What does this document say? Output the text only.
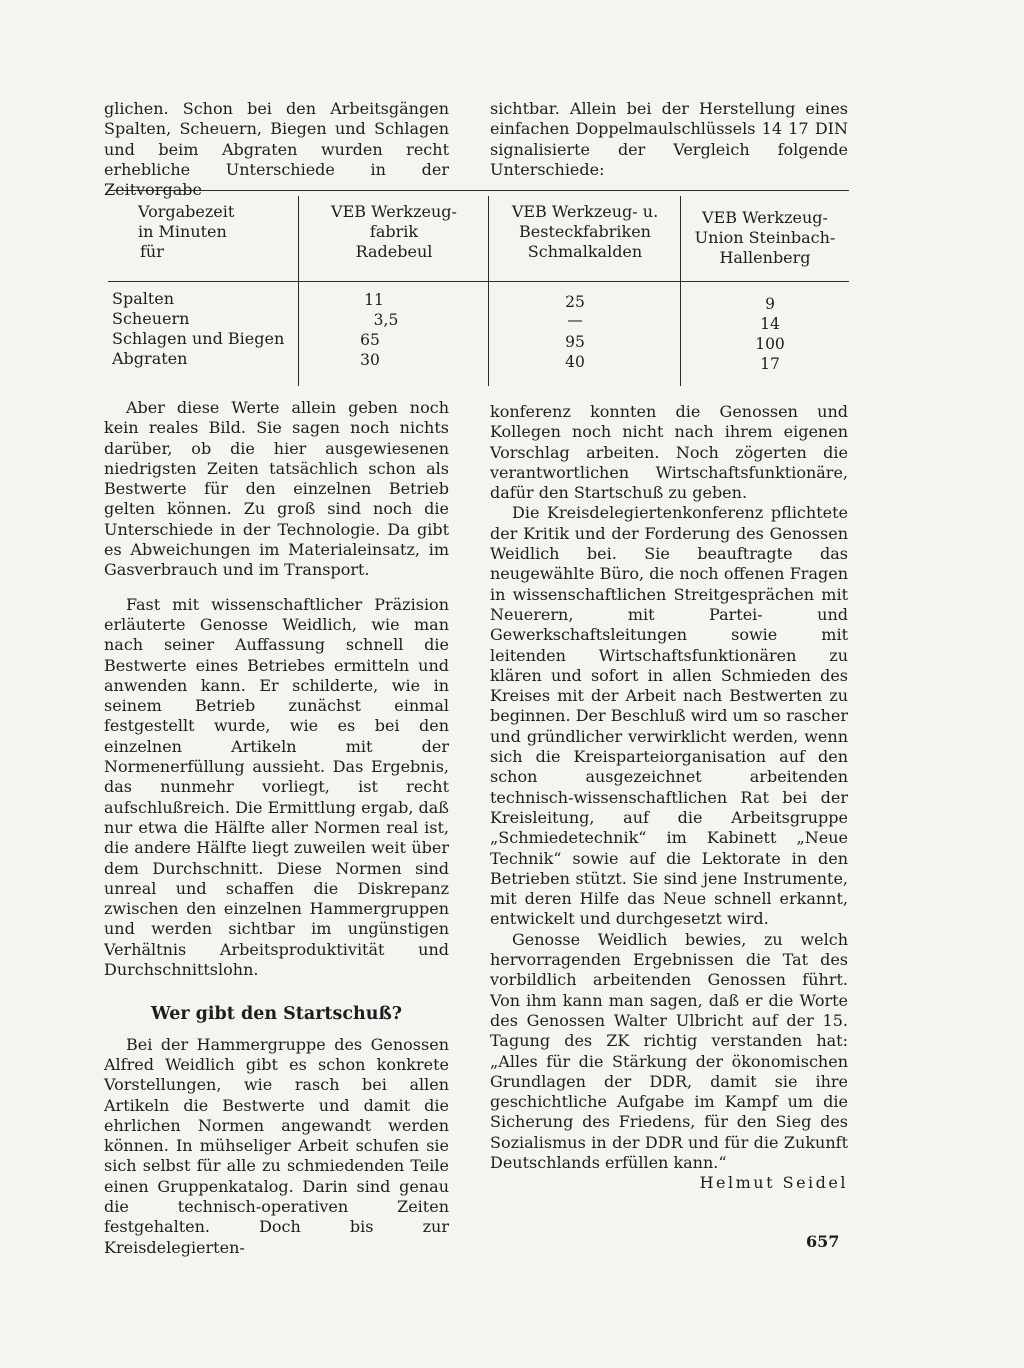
glichen. Schon bei den Arbeitsgängen Spalten, Scheuern, Biegen und Schlagen und beim Abgraten wurden recht erhebliche Unterschiede in der Zeitvorgabe

sichtbar. Allein bei der Herstellung eines einfachen Doppelmaulschlüssels 14 17 DIN signalisierte der Vergleich folgende Unterschiede:

Vorgabezeit
in Minuten
für
VEB Werkzeug-
fabrik
Radebeul
VEB Werkzeug- u.
Besteckfabriken
Schmalkalden
VEB Werkzeug-
Union Steinbach-
Hallenberg
Spalten
Scheuern
Schlagen und Biegen
Abgraten
11
3,5
65
30
25
—
95
40
9
14
100
17

Aber diese Werte allein geben noch kein reales Bild. Sie sagen noch nichts darüber, ob die hier ausgewiesenen niedrigsten Zeiten tatsächlich schon als Bestwerte für den einzelnen Betrieb gelten können. Zu groß sind noch die Unterschiede in der Technologie. Da gibt es Abweichungen im Materialeinsatz, im Gasverbrauch und im Transport.

Fast mit wissenschaftlicher Präzision erläuterte Genosse Weidlich, wie man nach seiner Auffassung schnell die Bestwerte eines Betriebes ermitteln und anwenden kann. Er schilderte, wie in seinem Betrieb zunächst einmal festgestellt wurde, wie es bei den einzelnen Artikeln mit der Normenerfüllung aussieht. Das Ergebnis, das nunmehr vorliegt, ist recht aufschlußreich. Die Ermittlung ergab, daß nur etwa die Hälfte aller Normen real ist, die andere Hälfte liegt zuweilen weit über dem Durchschnitt. Diese Normen sind unreal und schaffen die Diskrepanz zwischen den einzelnen Hammergruppen und werden sichtbar im ungünstigen Verhältnis Arbeitsproduktivität und Durchschnittslohn.

Wer gibt den Startschuß?

Bei der Hammergruppe des Genossen Alfred Weidlich gibt es schon konkrete Vorstellungen, wie rasch bei allen Artikeln die Bestwerte und damit die ehrlichen Normen angewandt werden können. In mühseliger Arbeit schufen sie sich selbst für alle zu schmiedenden Teile einen Gruppenkatalog. Darin sind genau die technisch-operativen Zeiten festgehalten. Doch bis zur Kreisdelegierten-

konferenz konnten die Genossen und Kollegen noch nicht nach ihrem eigenen Vorschlag arbeiten. Noch zögerten die verantwortlichen Wirtschaftsfunktionäre, dafür den Startschuß zu geben.

Die Kreisdelegiertenkonferenz pflichtete der Kritik und der Forderung des Genossen Weidlich bei. Sie beauftragte das neugewählte Büro, die noch offenen Fragen in wissenschaftlichen Streitgesprächen mit Neuerern, mit Partei- und Gewerkschaftsleitungen sowie mit leitenden Wirtschaftsfunktionären zu klären und sofort in allen Schmieden des Kreises mit der Arbeit nach Bestwerten zu beginnen. Der Beschluß wird um so rascher und gründlicher verwirklicht werden, wenn sich die Kreisparteiorganisation auf den schon ausgezeichnet arbeitenden technisch-wissenschaftlichen Rat bei der Kreisleitung, auf die Arbeitsgruppe „Schmiedetechnik“ im Kabinett „Neue Technik“ sowie auf die Lektorate in den Betrieben stützt. Sie sind jene Instrumente, mit deren Hilfe das Neue schnell erkannt, entwickelt und durchgesetzt wird.

Genosse Weidlich bewies, zu welch hervorragenden Ergebnissen die Tat des vorbildlich arbeitenden Genossen führt. Von ihm kann man sagen, daß er die Worte des Genossen Walter Ulbricht auf der 15. Tagung des ZK richtig verstanden hat: „Alles für die Stärkung der ökonomischen Grundlagen der DDR, damit sie ihre geschichtliche Aufgabe im Kampf um die Sicherung des Friedens, für den Sieg des Sozialismus in der DDR und für die Zukunft Deutschlands erfüllen kann.“

Helmut Seidel

657
